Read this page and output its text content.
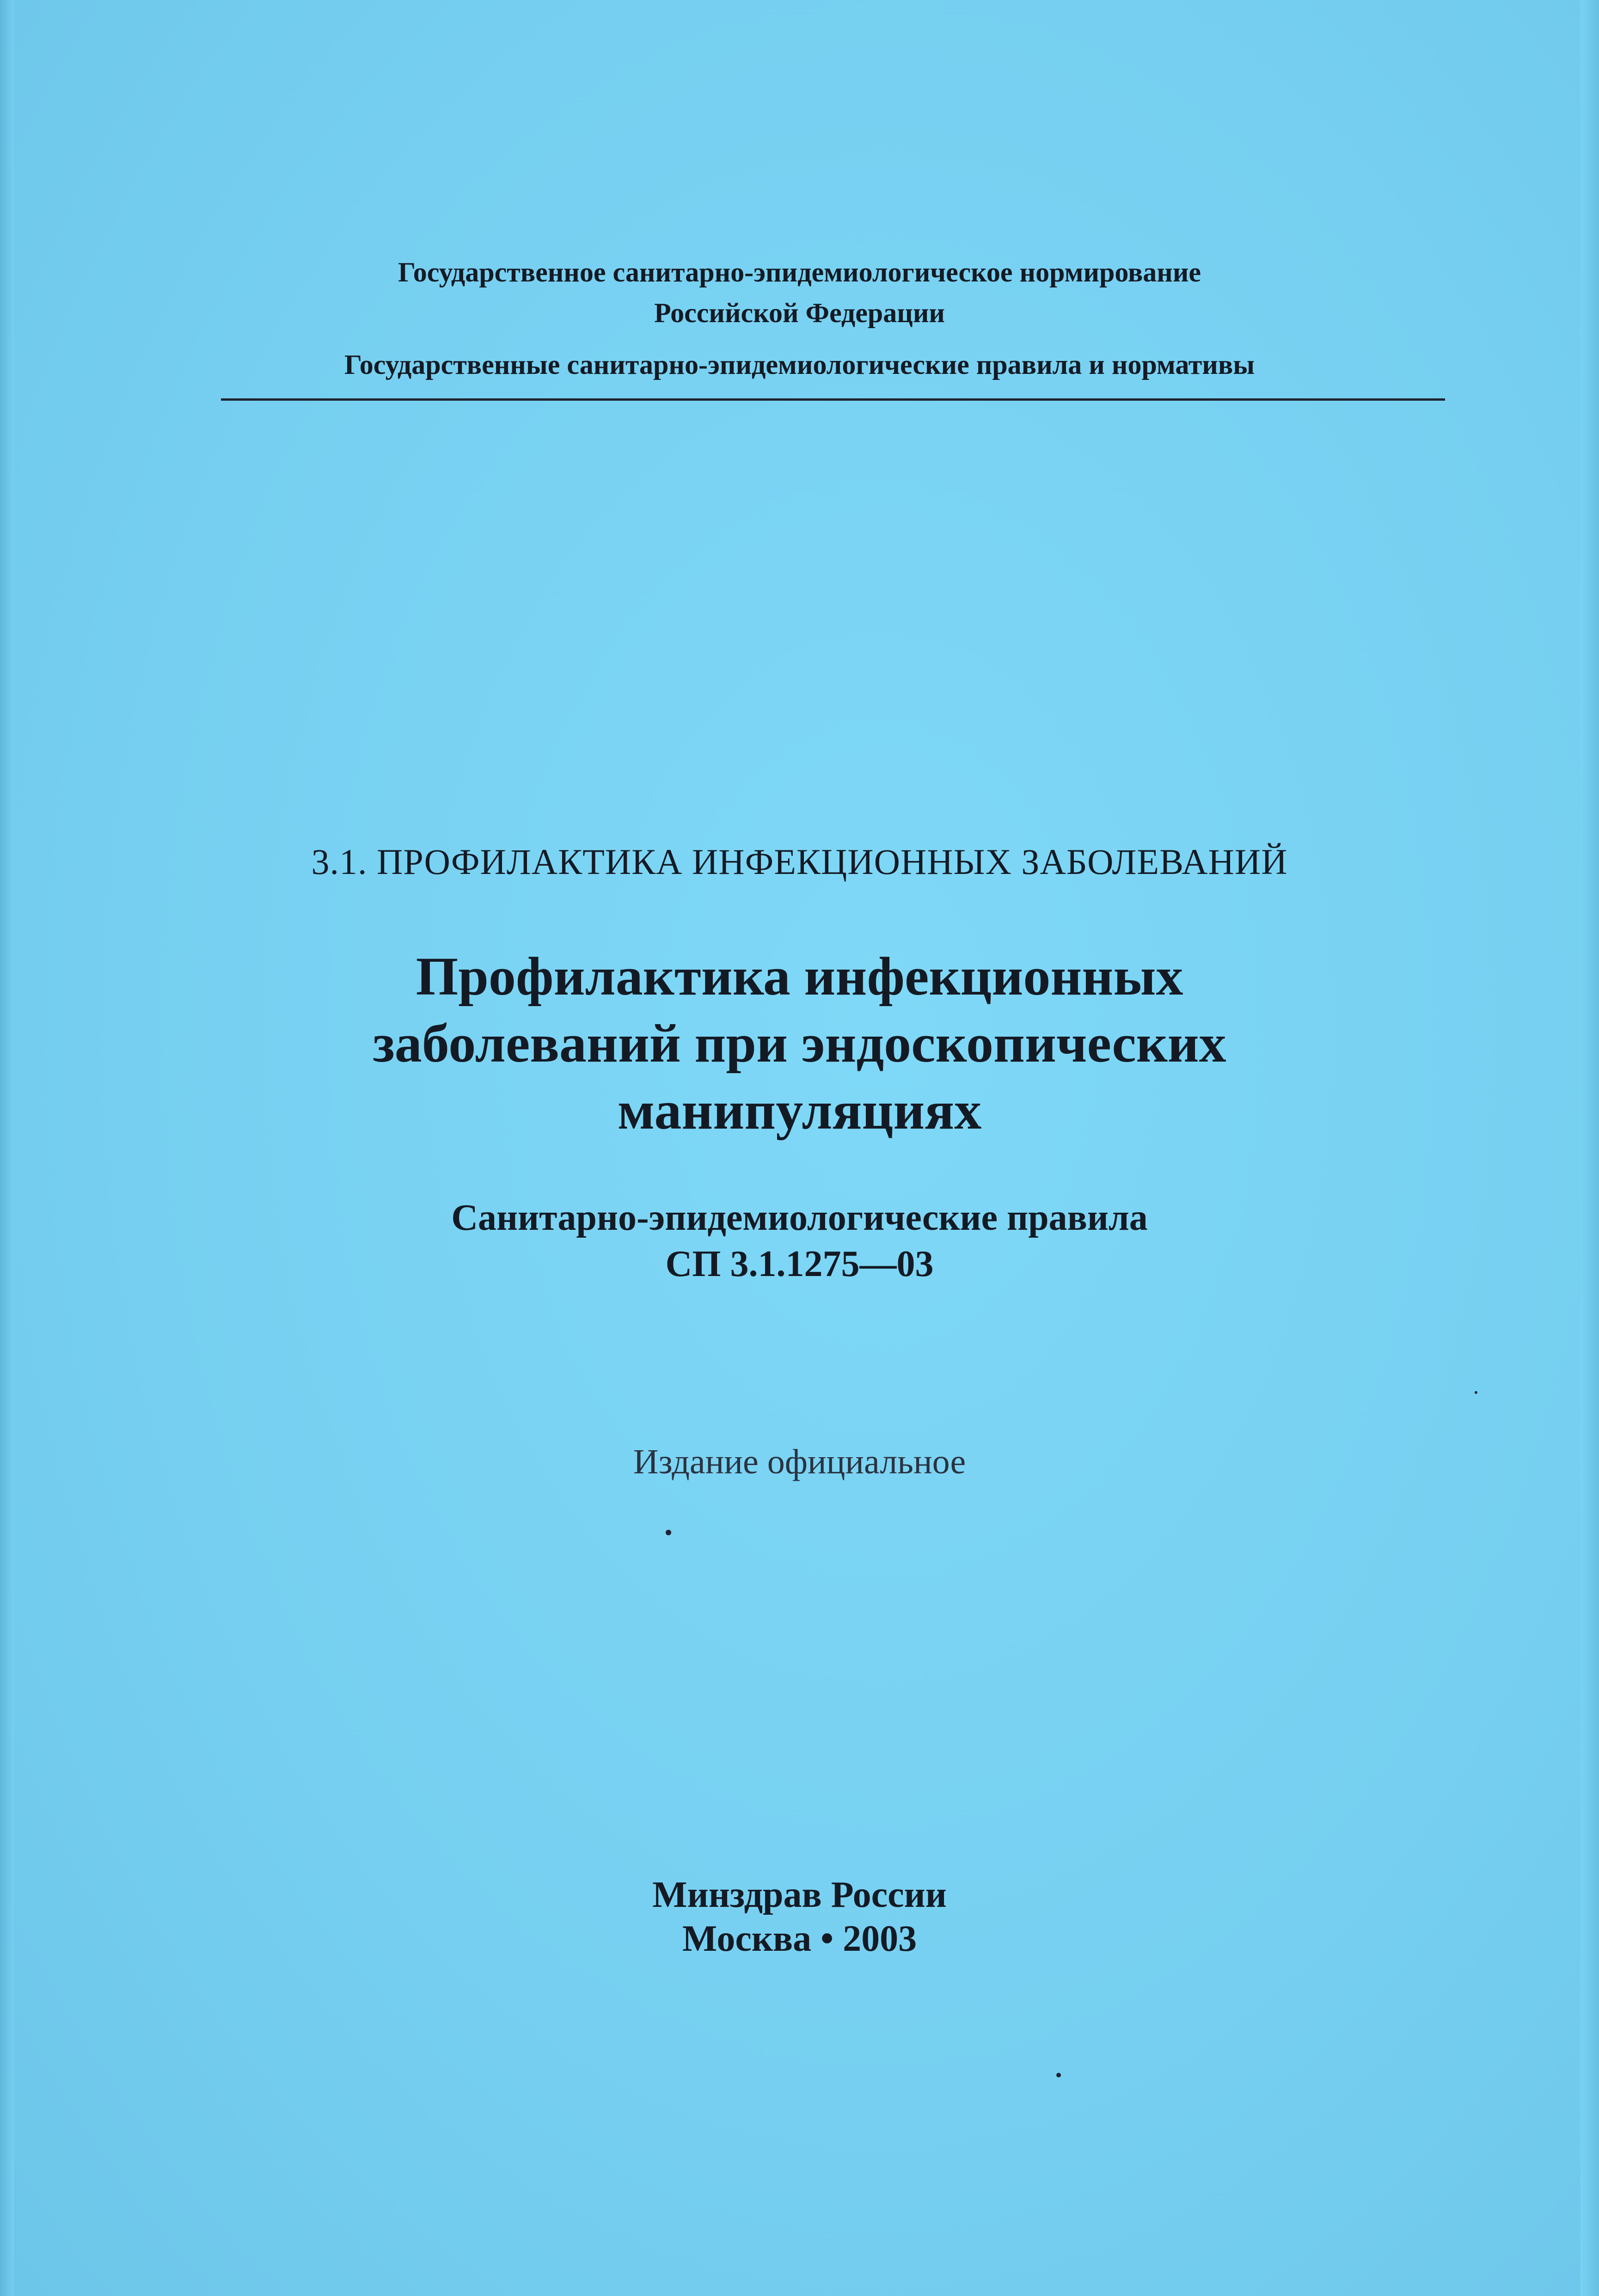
Государственное санитарно-эпидемиологическое нормирование
Российской Федерации
Государственные санитарно-эпидемиологические правила и нормативы
3.1. ПРОФИЛАКТИКА ИНФЕКЦИОННЫХ ЗАБОЛЕВАНИЙ
Профилактика инфекционных
заболеваний при эндоскопических
манипуляциях
Санитарно-эпидемиологические правила
СП 3.1.1275—03
Издание официальное
Минздрав России
Москва • 2003
